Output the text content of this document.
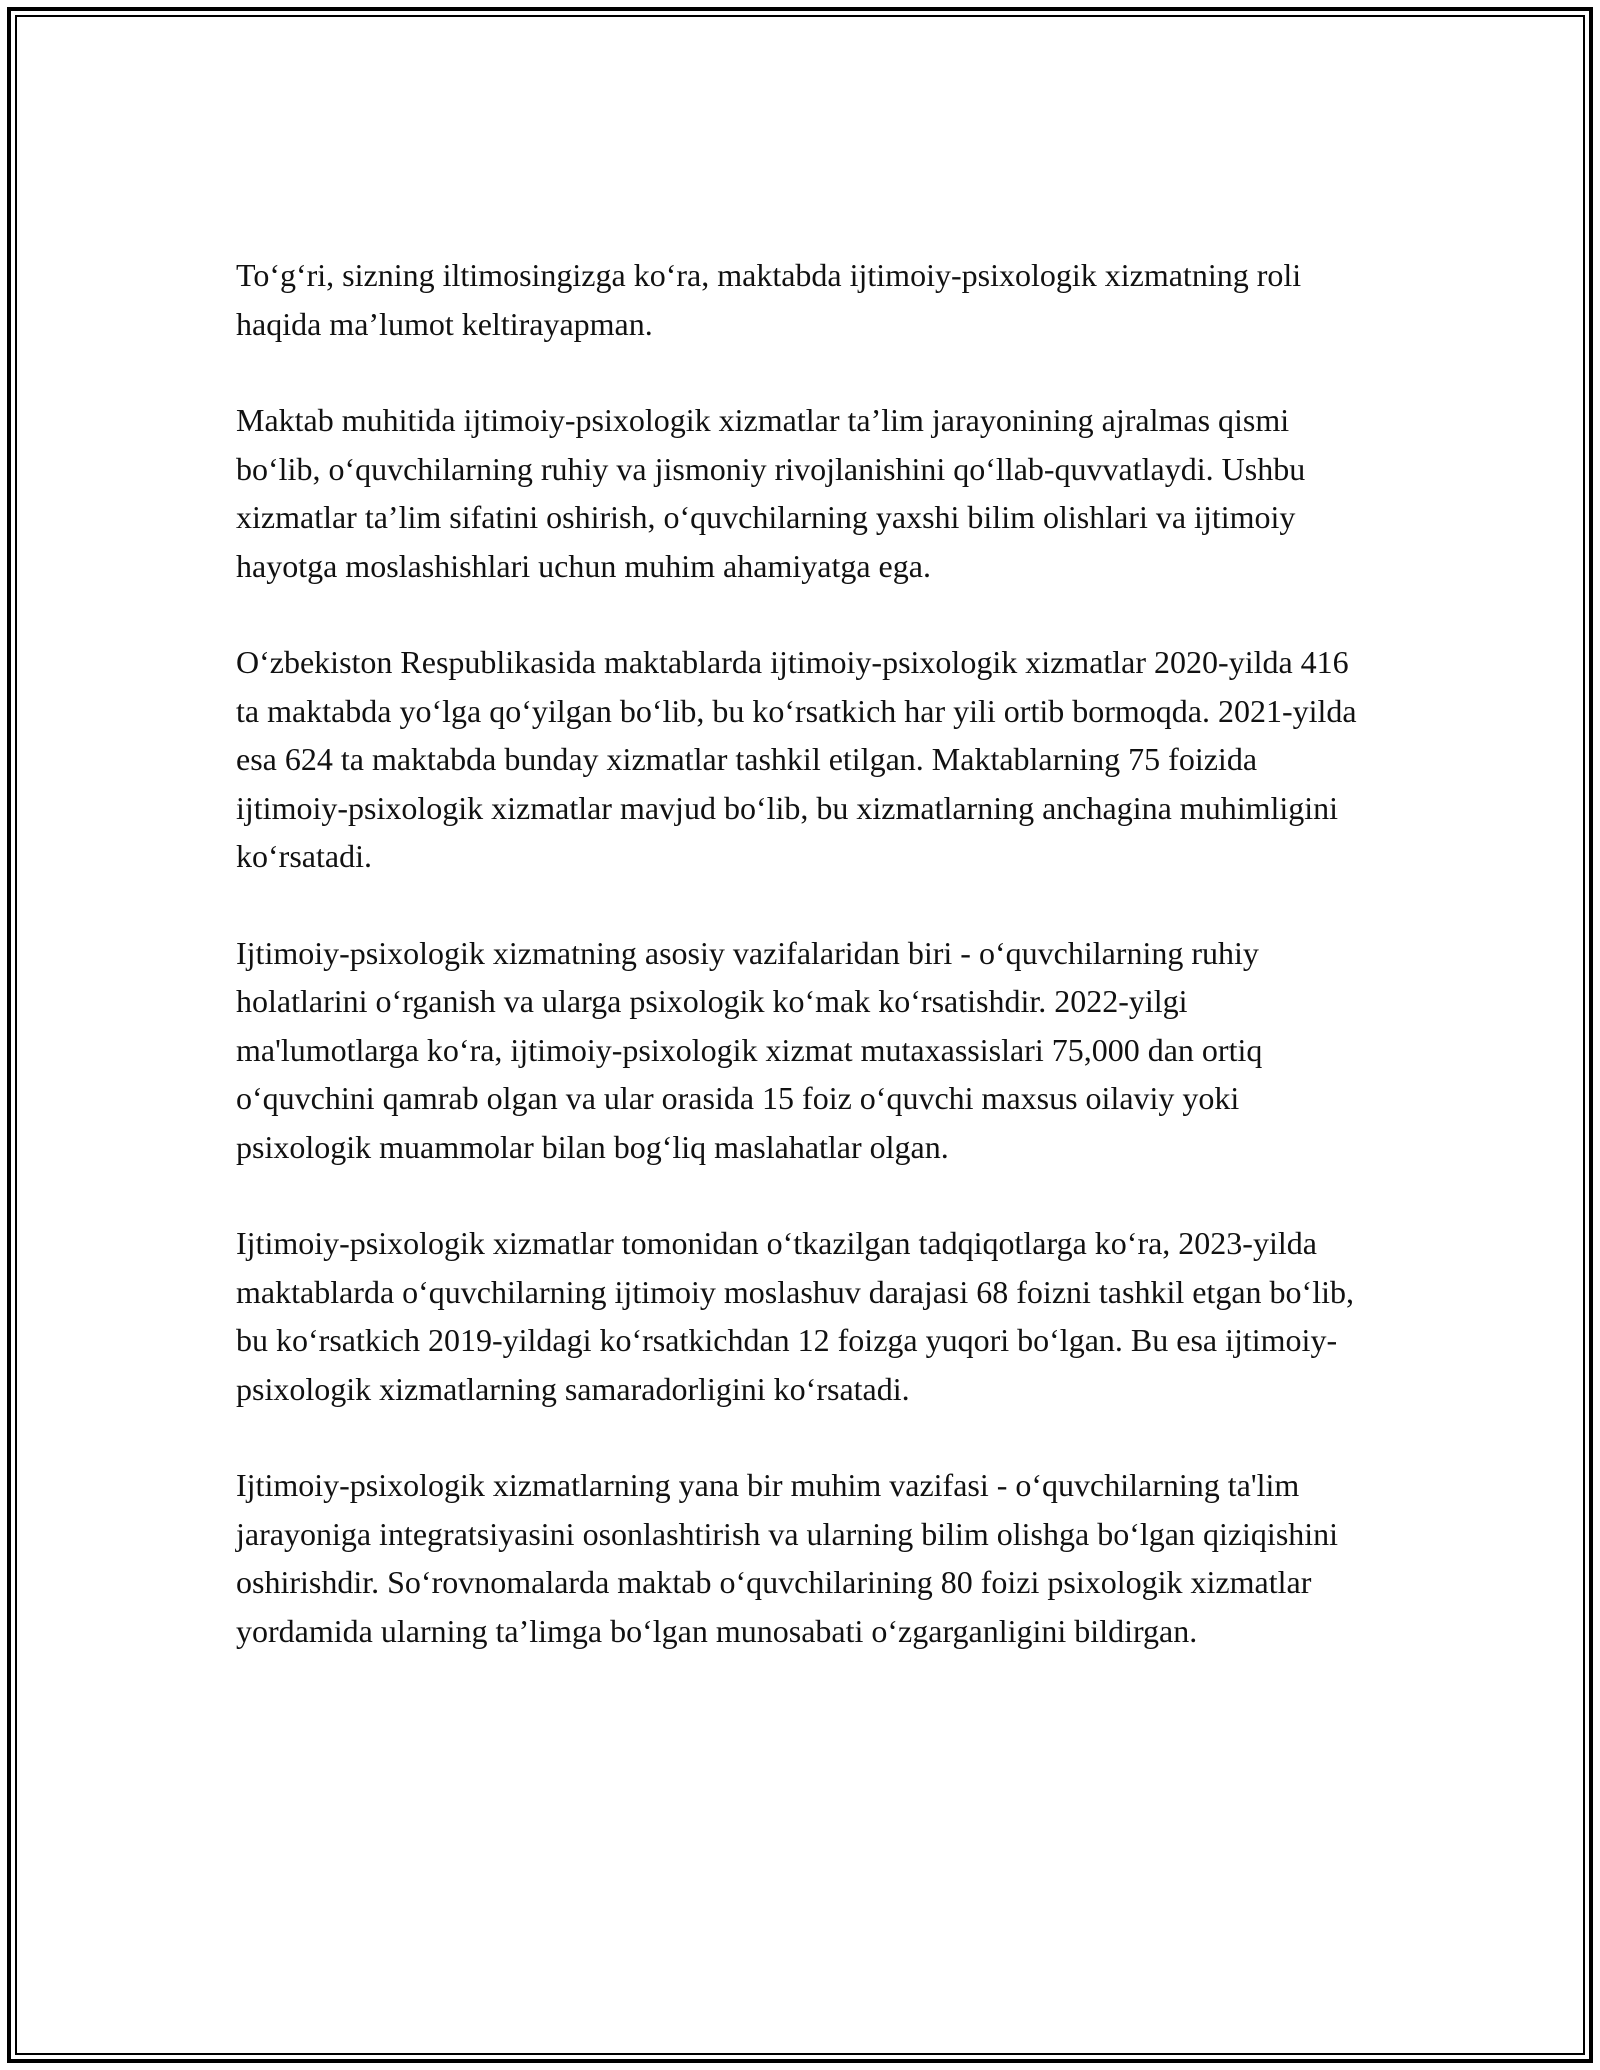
To‘g‘ri, sizning iltimosingizga ko‘ra, maktabda ijtimoiy-psixologik xizmatning roli haqida ma’lumot keltirayapman.

Maktab muhitida ijtimoiy-psixologik xizmatlar ta’lim jarayonining ajralmas qismi bo‘lib, o‘quvchilarning ruhiy va jismoniy rivojlanishini qo‘llab-quvvatlaydi. Ushbu xizmatlar ta’lim sifatini oshirish, o‘quvchilarning yaxshi bilim olishlari va ijtimoiy hayotga moslashishlari uchun muhim ahamiyatga ega.

O‘zbekiston Respublikasida maktablarda ijtimoiy-psixologik xizmatlar 2020-yilda 416 ta maktabda yo‘lga qo‘yilgan bo‘lib, bu ko‘rsatkich har yili ortib bormoqda. 2021-yilda esa 624 ta maktabda bunday xizmatlar tashkil etilgan. Maktablarning 75 foizida ijtimoiy-psixologik xizmatlar mavjud bo‘lib, bu xizmatlarning anchagina muhimligini ko‘rsatadi.

Ijtimoiy-psixologik xizmatning asosiy vazifalaridan biri - o‘quvchilarning ruhiy holatlarini o‘rganish va ularga psixologik ko‘mak ko‘rsatishdir. 2022-yilgi ma'lumotlarga ko‘ra, ijtimoiy-psixologik xizmat mutaxassislari 75,000 dan ortiq o‘quvchini qamrab olgan va ular orasida 15 foiz o‘quvchi maxsus oilaviy yoki psixologik muammolar bilan bog‘liq maslahatlar olgan.

Ijtimoiy-psixologik xizmatlar tomonidan o‘tkazilgan tadqiqotlarga ko‘ra, 2023-yilda maktablarda o‘quvchilarning ijtimoiy moslashuv darajasi 68 foizni tashkil etgan bo‘lib, bu ko‘rsatkich 2019-yildagi ko‘rsatkichdan 12 foizga yuqori bo‘lgan. Bu esa ijtimoiy-psixologik xizmatlarning samaradorligini ko‘rsatadi.

Ijtimoiy-psixologik xizmatlarning yana bir muhim vazifasi - o‘quvchilarning ta'lim jarayoniga integratsiyasini osonlashtirish va ularning bilim olishga bo‘lgan qiziqishini oshirishdir. So‘rovnomalarda maktab o‘quvchilarining 80 foizi psixologik xizmatlar yordamida ularning ta’limga bo‘lgan munosabati o‘zgarganligini bildirgan.
